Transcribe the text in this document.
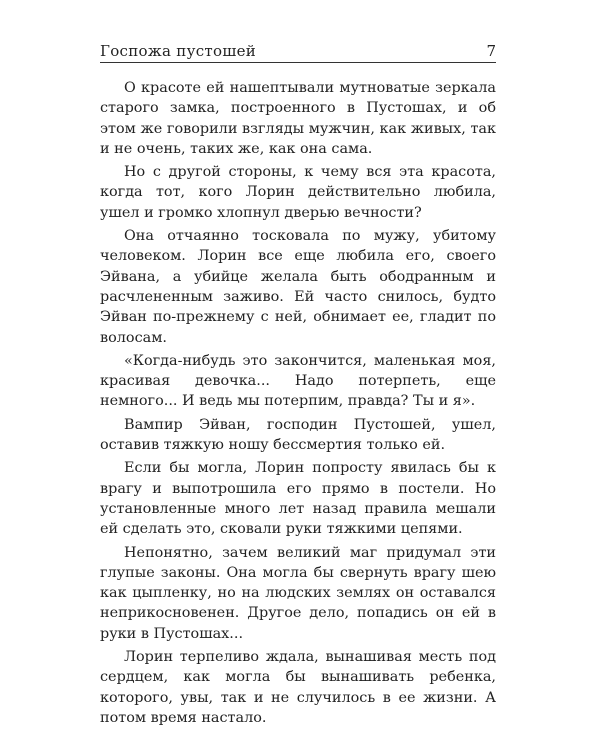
Госпожа пустошей	7

О красоте ей нашептывали мутноватые зеркала старого замка, построенного в Пустошах, и об этом же говорили взгляды мужчин, как живых, так и не очень, таких же, как она сама.

Но с другой стороны, к чему вся эта красота, когда тот, кого Лорин действительно любила, ушел и громко хлопнул дверью вечности?

Она отчаянно тосковала по мужу, убитому человеком. Лорин все еще любила его, своего Эйвана, а убийце желала быть ободранным и расчлененным заживо. Ей часто снилось, будто Эйван по-прежнему с ней, обнимает ее, гладит по волосам.

«Когда-нибудь это закончится, маленькая моя, красивая девочка... Надо потерпеть, еще немного... И ведь мы потерпим, правда? Ты и я».

Вампир Эйван, господин Пустошей, ушел, оставив тяжкую ношу бессмертия только ей.

Если бы могла, Лорин попросту явилась бы к врагу и выпотрошила его прямо в постели. Но установленные много лет назад правила мешали ей сделать это, сковали руки тяжкими цепями.

Непонятно, зачем великий маг придумал эти глупые законы. Она могла бы свернуть врагу шею как цыпленку, но на людских землях он оставался неприкосновенен. Другое дело, попадись он ей в руки в Пустошах...

Лорин терпеливо ждала, вынашивая месть под сердцем, как могла бы вынашивать ребенка, которого, увы, так и не случилось в ее жизни. А потом время настало.
